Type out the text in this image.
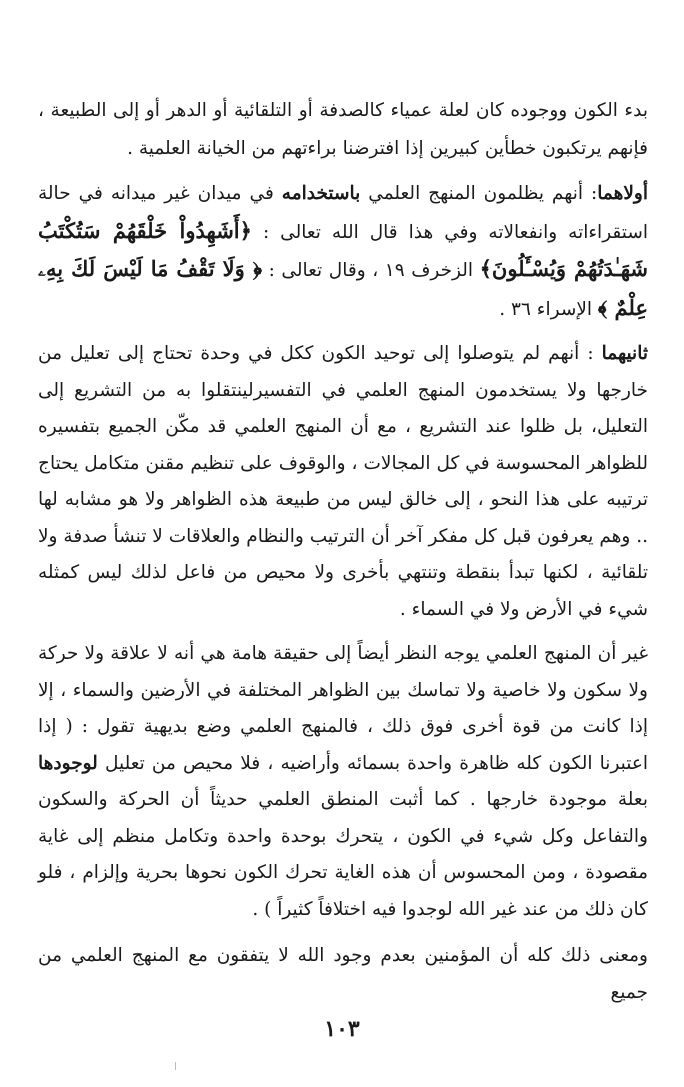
بدء الكون ووجوده كان لعلة عمياء كالصدفة أو التلقائية أو الدهر أو إلى الطبيعة ، فإنهم يرتكبون خطأين كبيرين إذا افترضنا براءتهم من الخيانة العلمية .

أولاهما: أنهم يظلمون المنهج العلمي باستخدامه في ميدان غير ميدانه في حالة استقراءاته وانفعالاته وفي هذا قال الله تعالى : ﴿أَشَهِدُواْ خَلْقَهُمْ سَتُكْتَبُ شَهَـٰدَتُهُمْ وَيُسْـَٔلُونَ﴾ الزخرف ١٩ ، وقال تعالى : ﴿ وَلَا تَقْفُ مَا لَيْسَ لَكَ بِهِۦ عِلْمٌ ﴾ الإسراء ٣٦ .

ثانيهما : أنهم لم يتوصلوا إلى توحيد الكون ككل في وحدة تحتاج إلى تعليل من خارجها ولا يستخدمون المنهج العلمي في التفسيرلينتقلوا به من التشريع إلى التعليل، بل ظلوا عند التشريع ، مع أن المنهج العلمي قد مكّن الجميع بتفسيره للظواهر المحسوسة في كل المجالات ، والوقوف على تنظيم مقنن متكامل يحتاج ترتيبه على هذا النحو ، إلى خالق ليس من طبيعة هذه الظواهر ولا هو مشابه لها .. وهم يعرفون قبل كل مفكر آخر أن الترتيب والنظام والعلاقات لا تنشأ صدفة ولا تلقائية ، لكنها تبدأ بنقطة وتنتهي بأخرى ولا محيص من فاعل لذلك ليس كمثله شيء في الأرض ولا في السماء .

غير أن المنهج العلمي يوجه النظر أيضاً إلى حقيقة هامة هي أنه لا علاقة ولا حركة ولا سكون ولا خاصية ولا تماسك بين الظواهر المختلفة في الأرضين والسماء ، إلا إذا كانت من قوة أخرى فوق ذلك ، فالمنهج العلمي وضع بديهية تقول : ( إذا اعتبرنا الكون كله ظاهرة واحدة بسمائه وأراضيه ، فلا محيص من تعليل لوجودها بعلة موجودة خارجها . كما أثبت المنطق العلمي حديثاً أن الحركة والسكون والتفاعل وكل شيء في الكون ، يتحرك بوحدة واحدة وتكامل منظم إلى غاية مقصودة ، ومن المحسوس أن هذه الغاية تحرك الكون نحوها بحرية وإلزام ، فلو كان ذلك من عند غير الله لوجدوا فيه اختلافاً كثيراً ) .

ومعنى ذلك كله أن المؤمنين بعدم وجود الله لا يتفقون مع المنهج العلمي من جميع

١٠٣
